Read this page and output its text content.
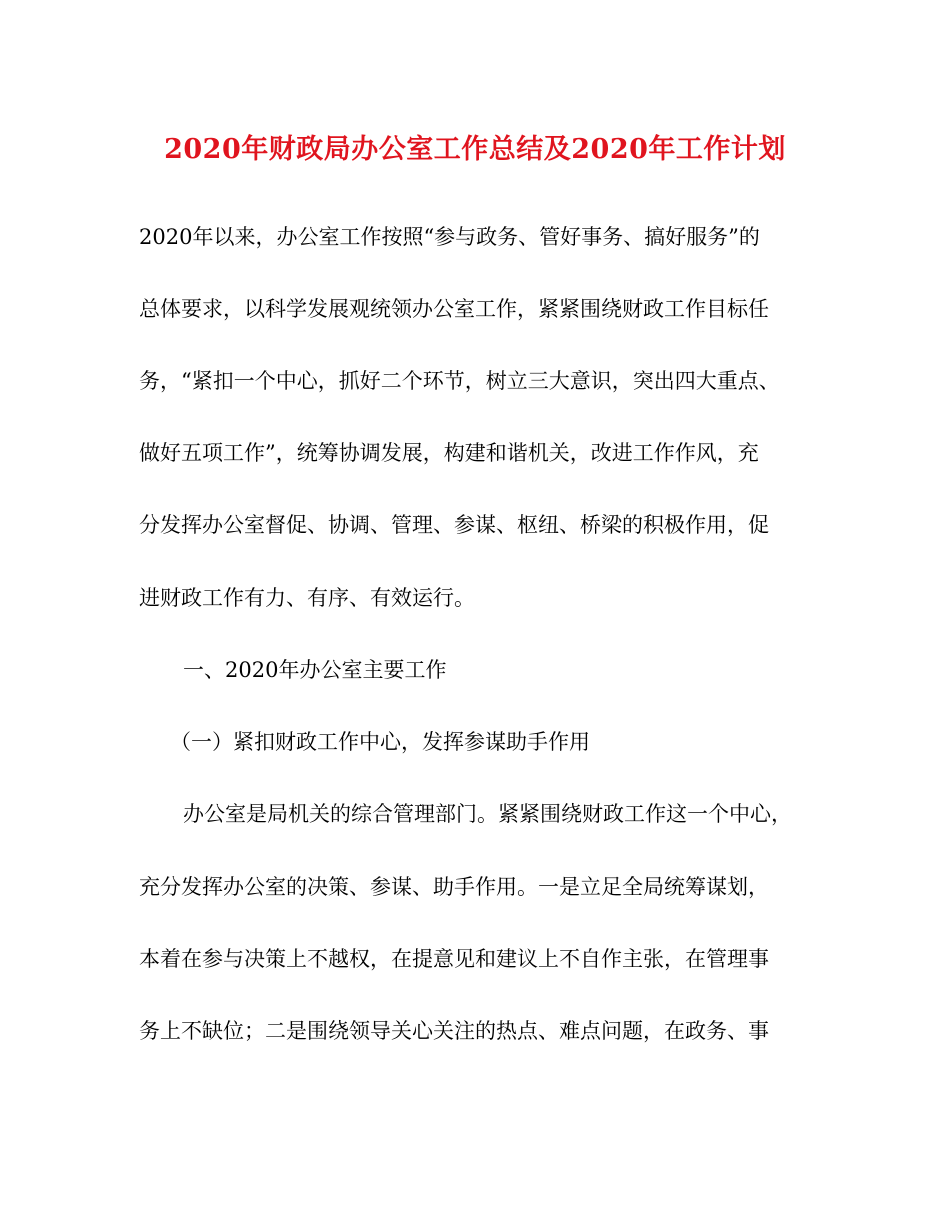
2020年财政局办公室工作总结及2020年工作计划
2020年以来，办公室工作按照“参与政务、管好事务、搞好服务”的
总体要求，以科学发展观统领办公室工作，紧紧围绕财政工作目标任
务，“紧扣一个中心，抓好二个环节，树立三大意识，突出四大重点、
做好五项工作”，统筹协调发展，构建和谐机关，改进工作作风，充
分发挥办公室督促、协调、管理、参谋、枢纽、桥梁的积极作用，促
进财政工作有力、有序、有效运行。
一、2020年办公室主要工作
（一）紧扣财政工作中心，发挥参谋助手作用
办公室是局机关的综合管理部门。紧紧围绕财政工作这一个中心，
充分发挥办公室的决策、参谋、助手作用。一是立足全局统筹谋划，
本着在参与决策上不越权，在提意见和建议上不自作主张，在管理事
务上不缺位；二是围绕领导关心关注的热点、难点问题，在政务、事
